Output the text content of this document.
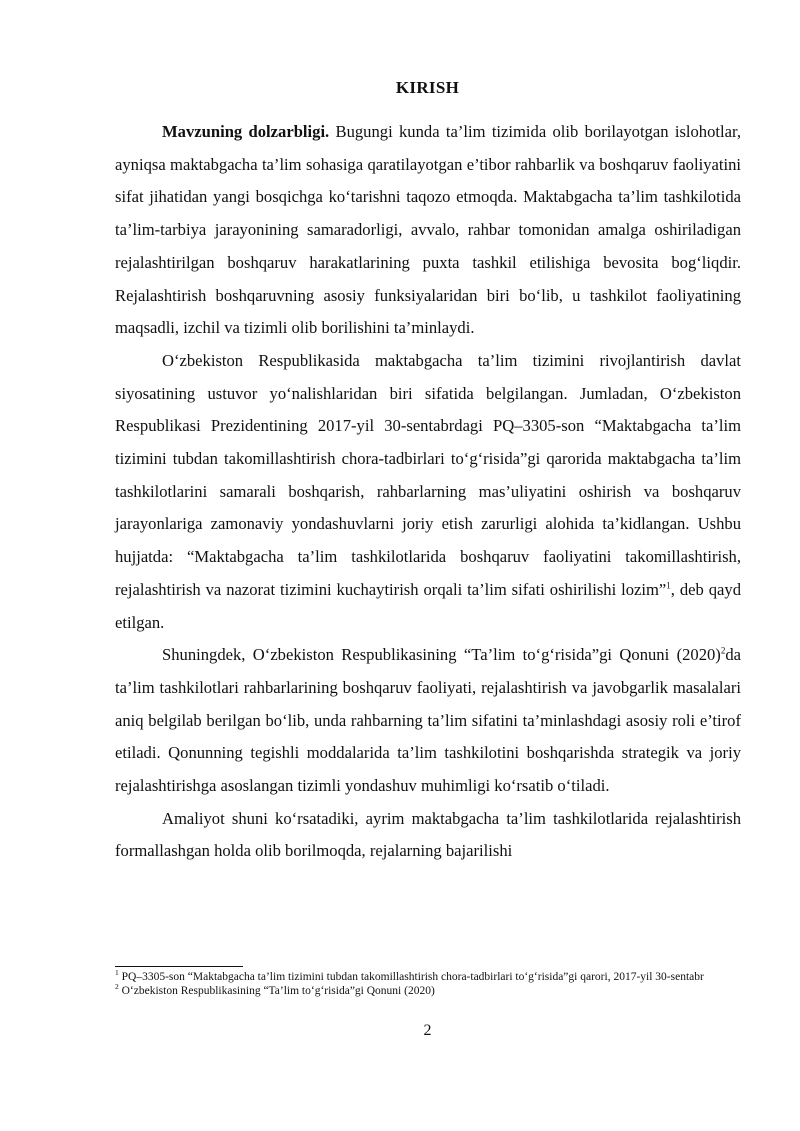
KIRISH

Mavzuning dolzarbligi. Bugungi kunda ta’lim tizimida olib borilayotgan islohotlar, ayniqsa maktabgacha ta’lim sohasiga qaratilayotgan e’tibor rahbarlik va boshqaruv faoliyatini sifat jihatidan yangi bosqichga ko‘tarishni taqozo etmoqda. Maktabgacha ta’lim tashkilotida ta’lim-tarbiya jarayonining samaradorligi, avvalo, rahbar tomonidan amalga oshiriladigan rejalashtirilgan boshqaruv harakatlarining puxta tashkil etilishiga bevosita bog‘liqdir. Rejalashtirish boshqaruvning asosiy funksiyalaridan biri bo‘lib, u tashkilot faoliyatining maqsadli, izchil va tizimli olib borilishini ta’minlaydi.

O‘zbekiston Respublikasida maktabgacha ta’lim tizimini rivojlantirish davlat siyosatining ustuvor yo‘nalishlaridan biri sifatida belgilangan. Jumladan, O‘zbekiston Respublikasi Prezidentining 2017-yil 30-sentabrdagi PQ–3305-son “Maktabgacha ta’lim tizimini tubdan takomillashtirish chora-tadbirlari to‘g‘risida”gi qarorida maktabgacha ta’lim tashkilotlarini samarali boshqarish, rahbarlarning mas’uliyatini oshirish va boshqaruv jarayonlariga zamonaviy yondashuvlarni joriy etish zarurligi alohida ta’kidlangan. Ushbu hujjatda: “Maktabgacha ta’lim tashkilotlarida boshqaruv faoliyatini takomillashtirish, rejalashtirish va nazorat tizimini kuchaytirish orqali ta’lim sifati oshirilishi lozim”$^1$, deb qayd etilgan.

Shuningdek, O‘zbekiston Respublikasining “Ta’lim to‘g‘risida”gi Qonuni (2020)$^2$da ta’lim tashkilotlari rahbarlarining boshqaruv faoliyati, rejalashtirish va javobgarlik masalalari aniq belgilab berilgan bo‘lib, unda rahbarning ta’lim sifatini ta’minlashdagi asosiy roli e’tirof etiladi. Qonunning tegishli moddalarida ta’lim tashkilotini boshqarishda strategik va joriy rejalashtirishga asoslangan tizimli yondashuv muhimligi ko‘rsatib o‘tiladi.

Amaliyot shuni ko‘rsatadiki, ayrim maktabgacha ta’lim tashkilotlarida rejalashtirish formallashgan holda olib borilmoqda, rejalarning bajarilishi

$^1$ PQ–3305-son “Maktabgacha ta’lim tizimini tubdan takomillashtirish chora-tadbirlari to‘g‘risida”gi qarori, 2017-yil 30-sentabr

$^2$ O‘zbekiston Respublikasining “Ta’lim to‘g‘risida”gi Qonuni (2020)

2
